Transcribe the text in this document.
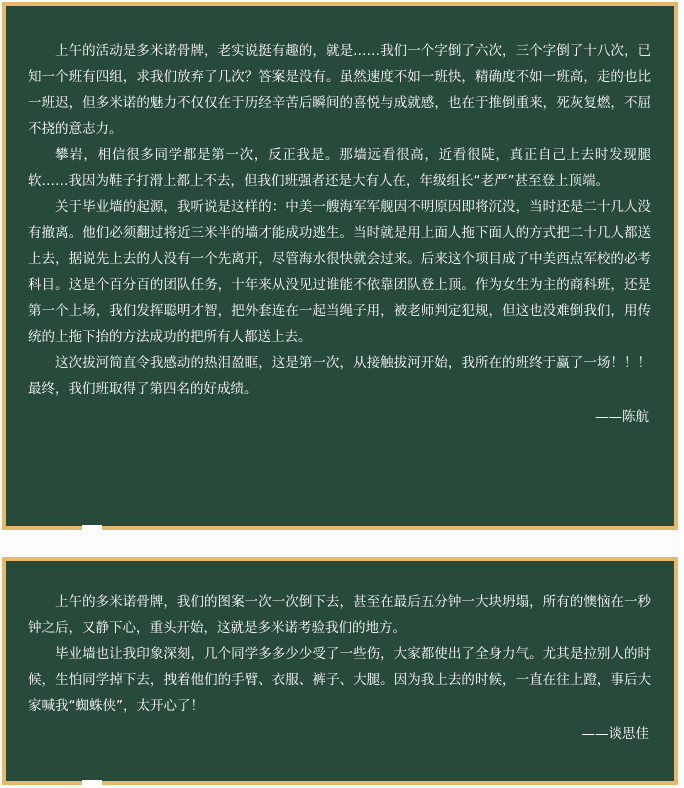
上午的活动是多米诺骨牌，老实说挺有趣的，就是……我们一个字倒了六次，三个字倒了十八次，已知一个班有四组，求我们放弃了几次？答案是没有。虽然速度不如一班快，精确度不如一班高，走的也比一班迟，但多米诺的魅力不仅仅在于历经辛苦后瞬间的喜悦与成就感，也在于推倒重来，死灰复燃，不屈不挠的意志力。

攀岩，相信很多同学都是第一次，反正我是。那墙远看很高，近看很陡，真正自己上去时发现腿软……我因为鞋子打滑上都上不去，但我们班强者还是大有人在，年级组长“老严”甚至登上顶端。

关于毕业墙的起源，我听说是这样的：中美一艘海军军舰因不明原因即将沉没，当时还是二十几人没有撤离。他们必须翻过将近三米半的墙才能成功逃生。当时就是用上面人拖下面人的方式把二十几人都送上去，据说先上去的人没有一个先离开，尽管海水很快就会过来。后来这个项目成了中美西点军校的必考科目。这是个百分百的团队任务，十年来从没见过谁能不依靠团队登上顶。作为女生为主的商科班，还是第一个上场，我们发挥聪明才智，把外套连在一起当绳子用，被老师判定犯规，但这也没难倒我们，用传统的上拖下抬的方法成功的把所有人都送上去。

这次拔河简直令我感动的热泪盈眶，这是第一次，从接触拔河开始，我所在的班终于赢了一场！！！最终，我们班取得了第四名的好成绩。

——陈航

上午的多米诺骨牌，我们的图案一次一次倒下去，甚至在最后五分钟一大块坍塌，所有的懊恼在一秒钟之后，又静下心，重头开始，这就是多米诺考验我们的地方。

毕业墙也让我印象深刻，几个同学多多少少受了一些伤，大家都使出了全身力气。尤其是拉别人的时候，生怕同学掉下去，拽着他们的手臂、衣服、裤子、大腿。因为我上去的时候，一直在往上蹬，事后大家喊我“蜘蛛侠”，太开心了！

——谈思佳
